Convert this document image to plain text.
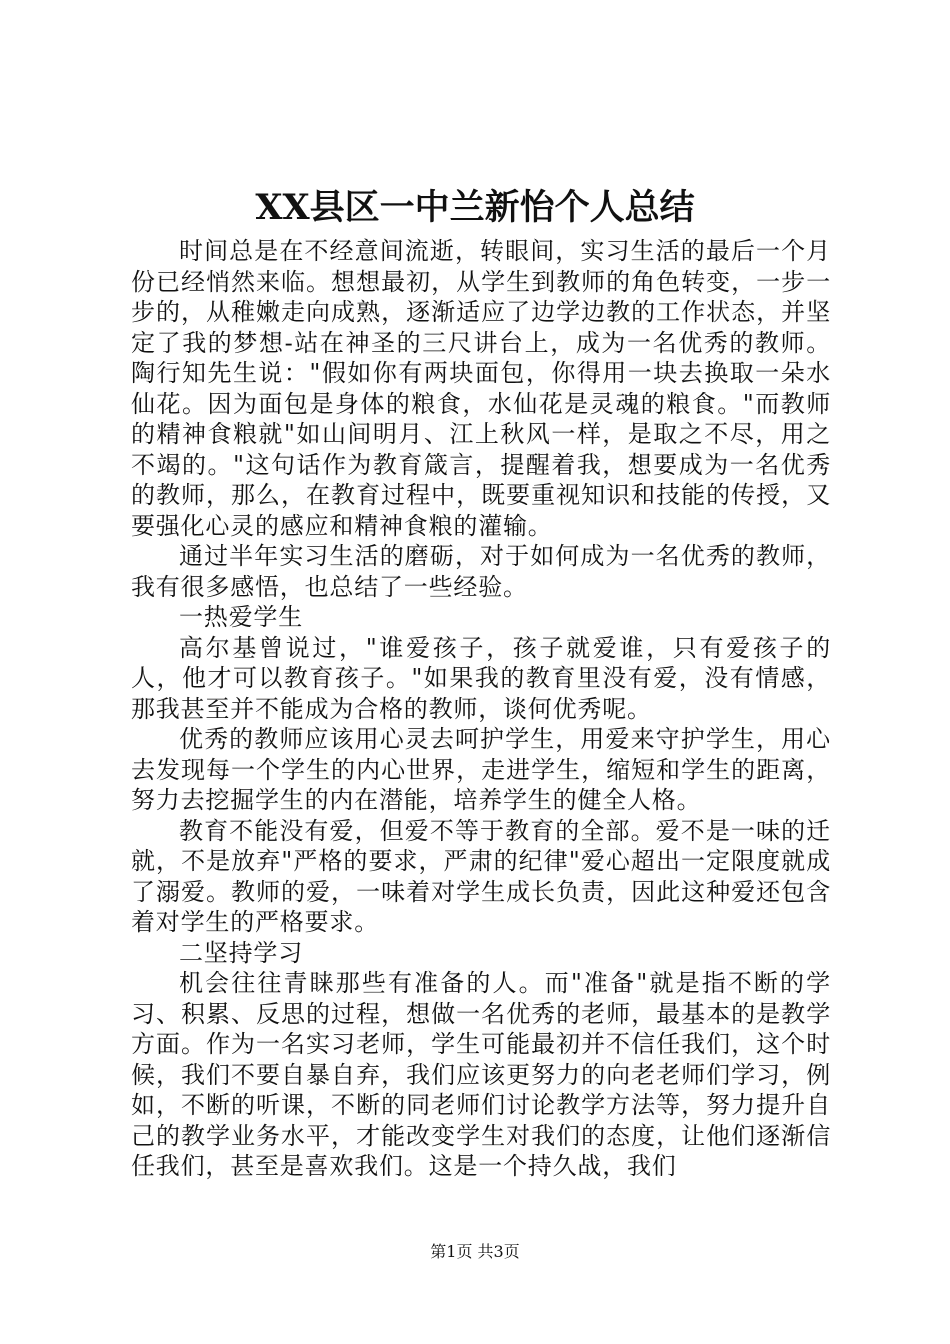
XX县区一中兰新怡个人总结

时间总是在不经意间流逝，转眼间，实习生活的最后一个月份已经悄然来临。想想最初，从学生到教师的角色转变，一步一步的，从稚嫩走向成熟，逐渐适应了边学边教的工作状态，并坚定了我的梦想-站在神圣的三尺讲台上，成为一名优秀的教师。陶行知先生说："假如你有两块面包，你得用一块去换取一朵水仙花。因为面包是身体的粮食，水仙花是灵魂的粮食。"而教师的精神食粮就"如山间明月、江上秋风一样，是取之不尽，用之不竭的。"这句话作为教育箴言，提醒着我，想要成为一名优秀的教师，那么，在教育过程中，既要重视知识和技能的传授，又要强化心灵的感应和精神食粮的灌输。

通过半年实习生活的磨砺，对于如何成为一名优秀的教师，我有很多感悟，也总结了一些经验。

一热爱学生

高尔基曾说过，"谁爱孩子，孩子就爱谁，只有爱孩子的人，他才可以教育孩子。"如果我的教育里没有爱，没有情感，那我甚至并不能成为合格的教师，谈何优秀呢。

优秀的教师应该用心灵去呵护学生，用爱来守护学生，用心去发现每一个学生的内心世界，走进学生，缩短和学生的距离，努力去挖掘学生的内在潜能，培养学生的健全人格。

教育不能没有爱，但爱不等于教育的全部。爱不是一味的迁就，不是放弃"严格的要求，严肃的纪律"爱心超出一定限度就成了溺爱。教师的爱，一味着对学生成长负责，因此这种爱还包含着对学生的严格要求。

二坚持学习

机会往往青睐那些有准备的人。而"准备"就是指不断的学习、积累、反思的过程，想做一名优秀的老师，最基本的是教学方面。作为一名实习老师，学生可能最初并不信任我们，这个时候，我们不要自暴自弃，我们应该更努力的向老老师们学习，例如，不断的听课，不断的同老师们讨论教学方法等，努力提升自己的教学业务水平，才能改变学生对我们的态度，让他们逐渐信任我们，甚至是喜欢我们。这是一个持久战，我们

第1页 共3页
